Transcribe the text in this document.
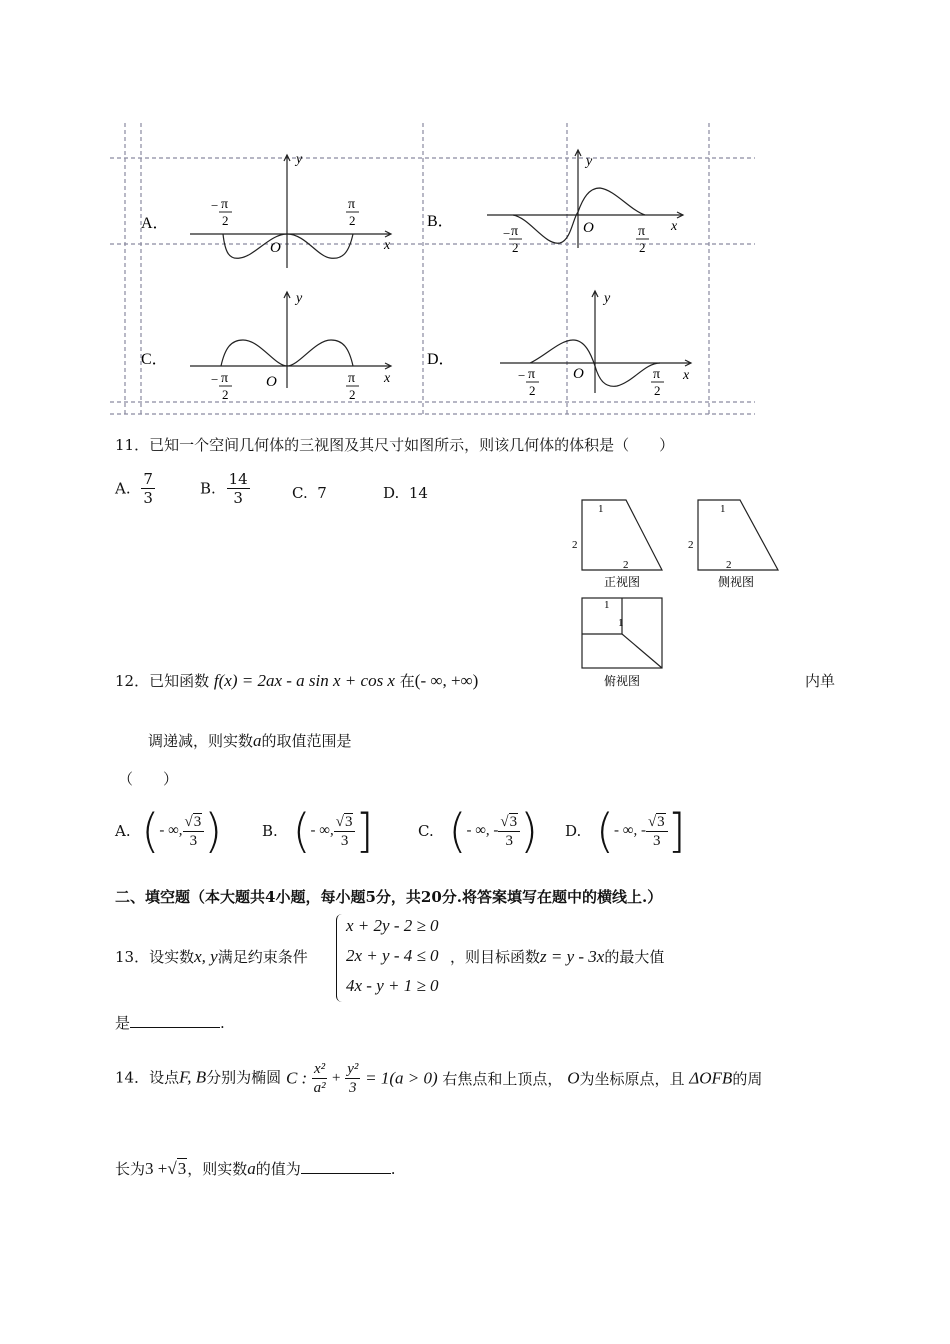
A．
y
x
O
− π
2
π
2	B．
y
x
O
− π
2
π
2
C．
y
x
O
− π
2
π
2
D．
y
x
O
− π
2
π
2
11．已知一个空间几何体的三视图及其尺寸如图所示，则该几何体的体积是（　　）
A. $\frac{7}{3}$	B. $\frac{14}{3}$	C. 7	D. 14
1
2
2
正视图
1
2
2
侧视图
1
1
俯视图
12．已知函数 f(x) = 2ax - a sin x + cos x 在(- ∞, +∞)	内单
调递减，则实数a的取值范围是
（　　）
A. (- ∞, $\frac{√3}{3}$ )	B. (- ∞, $\frac{√3}{3}$ ]	C. (- ∞, - $\frac{√3}{3}$ ) D. (- ∞, - $\frac{√3}{3}$ ]
二、填空题（本大题共4小题，每小题5分，共20分.将答案填写在题中的横线上.）
13．设实数x, y满足约束条件
x + 2y - 2 ≥ 0
2x + y - 4 ≤ 0
4x - y + 1 ≥ 0
，则目标函数z = y - 3x的最大值
是	.
14．设点F, B分别为椭圆 C : $\frac{\text{x²}}{\text{a²}} + \frac{\text{y²}}{3} = 1(a > 0)$ 右焦点和上顶点， O为坐标原点，且 ΔOFB的周
长为3 +√3，则实数a的值为	.
